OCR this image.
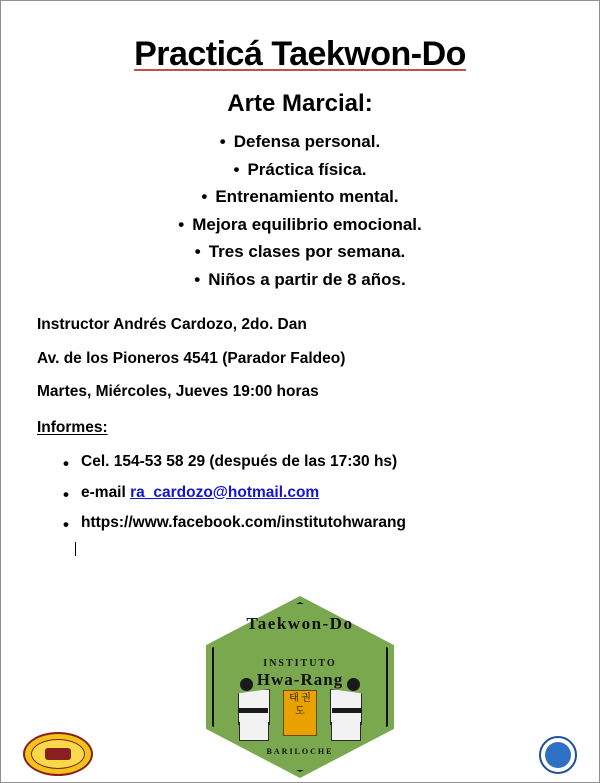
Practicá Taekwon-Do
Arte Marcial:
• Defensa personal.
• Práctica física.
• Entrenamiento mental.
• Mejora equilibrio emocional.
• Tres clases por semana.
• Niños a partir de 8 años.

Instructor Andrés Cardozo, 2do. Dan

Av. de los Pioneros 4541 (Parador Faldeo)

Martes, Miércoles, Jueves 19:00 horas

Informes:

• Cel. 154-53 58 29 (después de las 17:30 hs)
• e-mail ra_cardozo@hotmail.com
• https://www.facebook.com/institutohwarang
Taekwon-Do
INSTITUTO
Hwa-Rang
태 권 도
BARILOCHE
